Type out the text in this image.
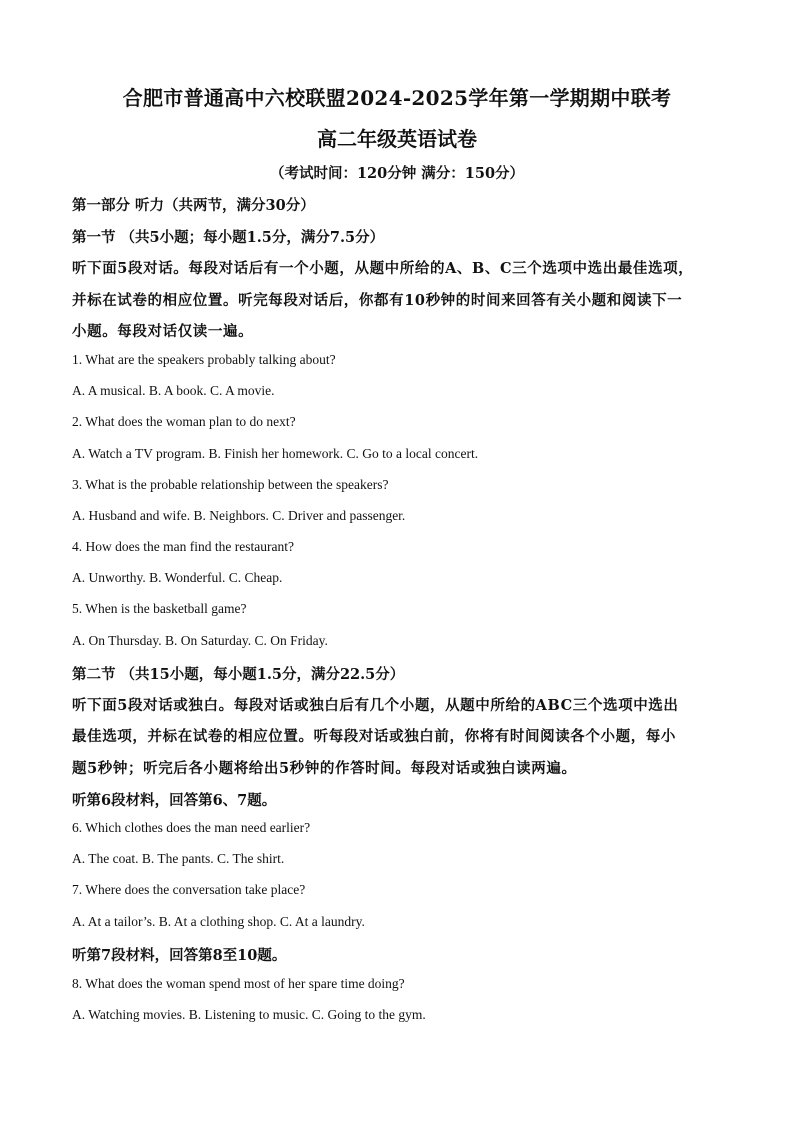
合肥市普通高中六校联盟2024-2025学年第一学期期中联考
高二年级英语试卷
（考试时间：120分钟 满分：150分）
第一部分 听力（共两节，满分30分）
第一节 （共5小题；每小题1.5分，满分7.5分）
听下面5段对话。每段对话后有一个小题，从题中所给的A、B、C三个选项中选出最佳选项，
并标在试卷的相应位置。听完每段对话后，你都有10秒钟的时间来回答有关小题和阅读下一
小题。每段对话仅读一遍。
1. What are the speakers probably talking about?
A. A musical. B. A book. C. A movie.
2. What does the woman plan to do next?
A. Watch a TV program. B. Finish her homework. C. Go to a local concert.
3. What is the probable relationship between the speakers?
A. Husband and wife. B. Neighbors. C. Driver and passenger.
4. How does the man find the restaurant?
A. Unworthy. B. Wonderful. C. Cheap.
5. When is the basketball game?
A. On Thursday. B. On Saturday. C. On Friday.
第二节 （共15小题，每小题1.5分，满分22.5分）
听下面5段对话或独白。每段对话或独白后有几个小题，从题中所给的ABC三个选项中选出
最佳选项，并标在试卷的相应位置。听每段对话或独白前，你将有时间阅读各个小题，每小
题5秒钟；听完后各小题将给出5秒钟的作答时间。每段对话或独白读两遍。
听第6段材料，回答第6、7题。
6. Which clothes does the man need earlier?
A. The coat. B. The pants. C. The shirt.
7. Where does the conversation take place?
A. At a tailor’s. B. At a clothing shop. C. At a laundry.
听第7段材料，回答第8至10题。
8. What does the woman spend most of her spare time doing?
A. Watching movies. B. Listening to music. C. Going to the gym.
